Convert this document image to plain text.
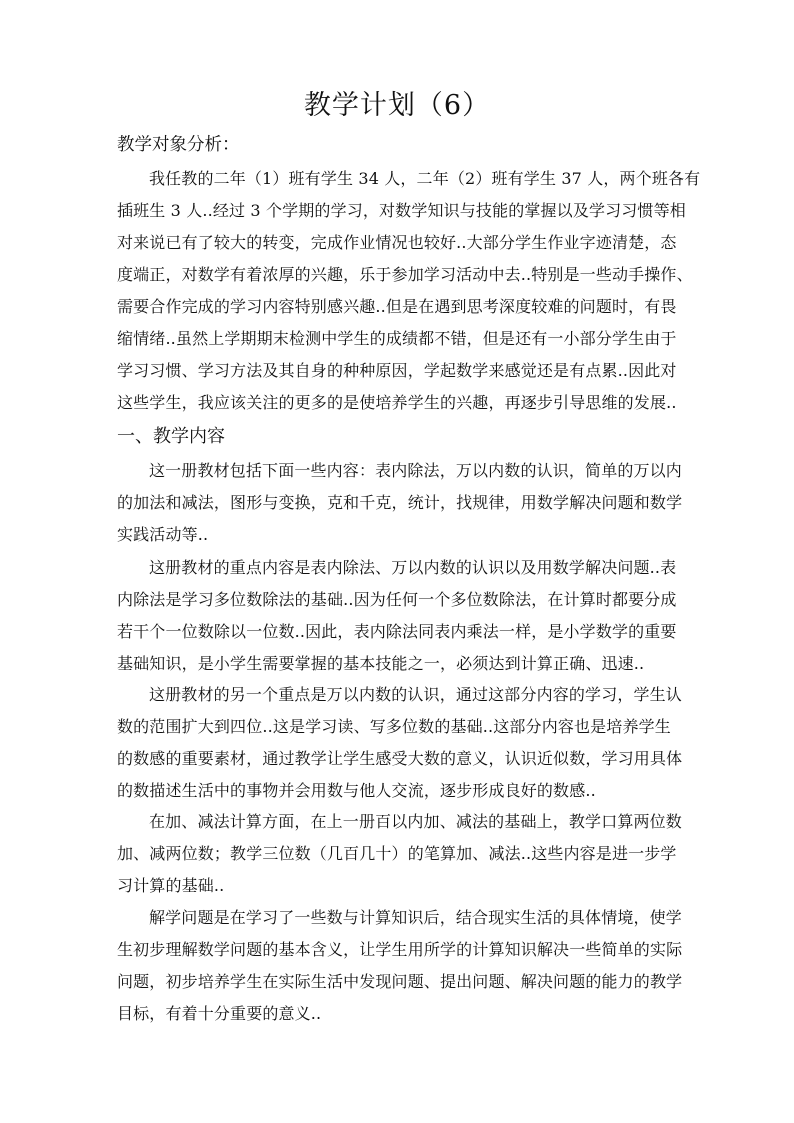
教学计划（6）
教学对象分析：
我任教的二年（1）班有学生 34 人，二年（2）班有学生 37 人，两个班各有
插班生 3 人..经过 3 个学期的学习，对数学知识与技能的掌握以及学习习惯等相
对来说已有了较大的转变，完成作业情况也较好..大部分学生作业字迹清楚，态
度端正，对数学有着浓厚的兴趣，乐于参加学习活动中去..特别是一些动手操作、
需要合作完成的学习内容特别感兴趣..但是在遇到思考深度较难的问题时，有畏
缩情绪..虽然上学期期末检测中学生的成绩都不错，但是还有一小部分学生由于
学习习惯、学习方法及其自身的种种原因，学起数学来感觉还是有点累..因此对
这些学生，我应该关注的更多的是使培养学生的兴趣，再逐步引导思维的发展..
一、教学内容
这一册教材包括下面一些内容：表内除法，万以内数的认识，简单的万以内
的加法和减法，图形与变换，克和千克，统计，找规律，用数学解决问题和数学
实践活动等..
这册教材的重点内容是表内除法、万以内数的认识以及用数学解决问题..表
内除法是学习多位数除法的基础..因为任何一个多位数除法，在计算时都要分成
若干个一位数除以一位数..因此，表内除法同表内乘法一样，是小学数学的重要
基础知识，是小学生需要掌握的基本技能之一，必须达到计算正确、迅速..
这册教材的另一个重点是万以内数的认识，通过这部分内容的学习，学生认
数的范围扩大到四位..这是学习读、写多位数的基础..这部分内容也是培养学生
的数感的重要素材，通过教学让学生感受大数的意义，认识近似数，学习用具体
的数描述生活中的事物并会用数与他人交流，逐步形成良好的数感..
在加、减法计算方面，在上一册百以内加、减法的基础上，教学口算两位数
加、减两位数；教学三位数（几百几十）的笔算加、减法..这些内容是进一步学
习计算的基础..
解学问题是在学习了一些数与计算知识后，结合现实生活的具体情境，使学
生初步理解数学问题的基本含义，让学生用所学的计算知识解决一些简单的实际
问题，初步培养学生在实际生活中发现问题、提出问题、解决问题的能力的教学
目标，有着十分重要的意义..
